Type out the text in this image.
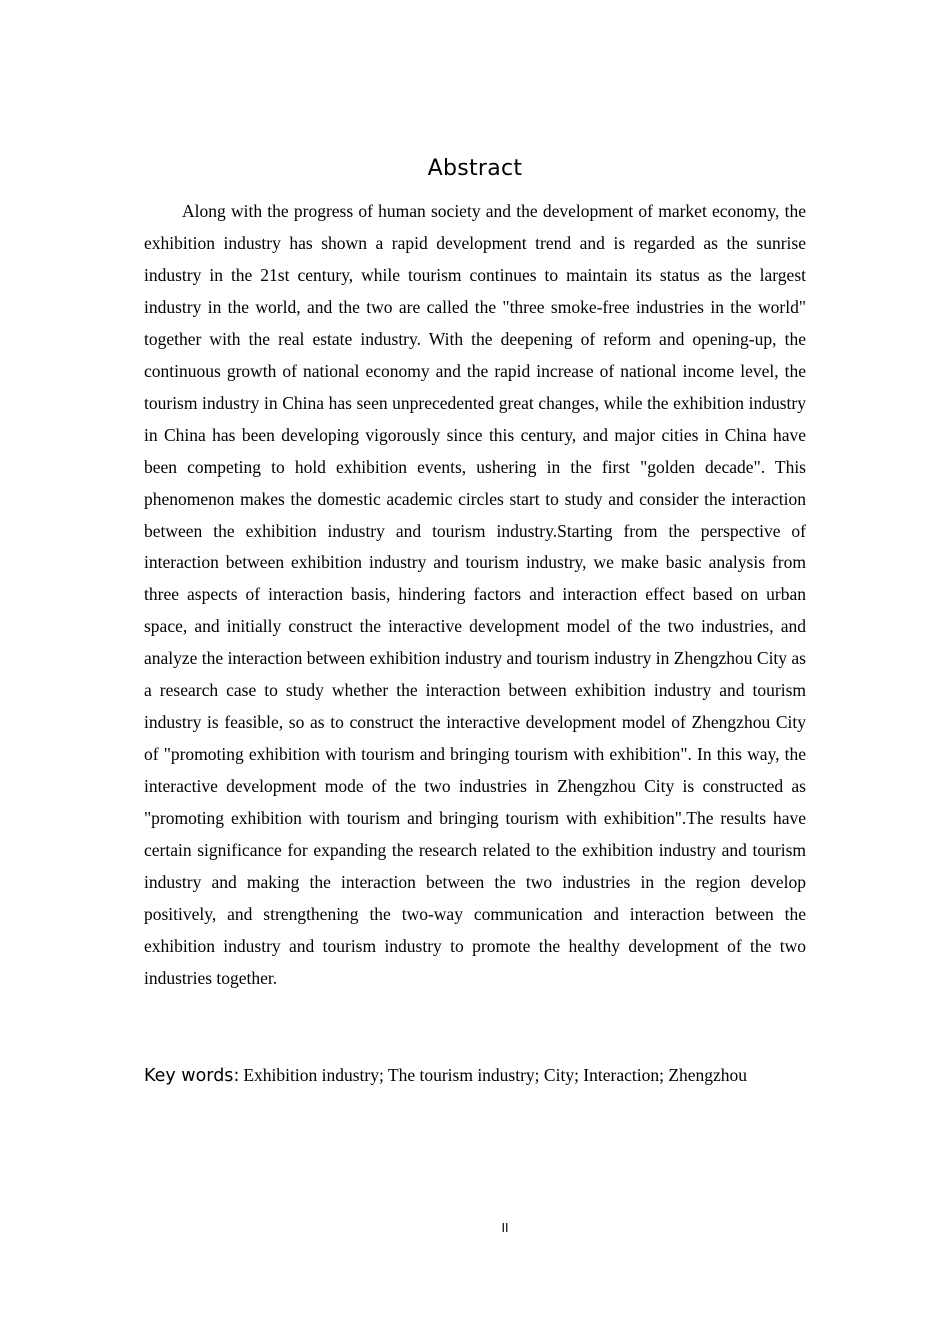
Abstract

Along with the progress of human society and the development of market economy, the exhibition industry has shown a rapid development trend and is regarded as the sunrise industry in the 21st century, while tourism continues to maintain its status as the largest industry in the world, and the two are called the "three smoke-free industries in the world" together with the real estate industry. With the deepening of reform and opening-up, the continuous growth of national economy and the rapid increase of national income level, the tourism industry in China has seen unprecedented great changes, while the exhibition industry in China has been developing vigorously since this century, and major cities in China have been competing to hold exhibition events, ushering in the first "golden decade". This phenomenon makes the domestic academic circles start to study and consider the interaction between the exhibition industry and tourism industry.Starting from the perspective of interaction between exhibition industry and tourism industry, we make basic analysis from three aspects of interaction basis, hindering factors and interaction effect based on urban space, and initially construct the interactive development model of the two industries, and analyze the interaction between exhibition industry and tourism industry in Zhengzhou City as a research case to study whether the interaction between exhibition industry and tourism industry is feasible, so as to construct the interactive development model of Zhengzhou City of "promoting exhibition with tourism and bringing tourism with exhibition". In this way, the interactive development mode of the two industries in Zhengzhou City is constructed as "promoting exhibition with tourism and bringing tourism with exhibition".The results have certain significance for expanding the research related to the exhibition industry and tourism industry and making the interaction between the two industries in the region develop positively, and strengthening the two-way communication and interaction between the exhibition industry and tourism industry to promote the healthy development of the two industries together.

Key words: Exhibition industry; The tourism industry; City; Interaction; Zhengzhou

II
